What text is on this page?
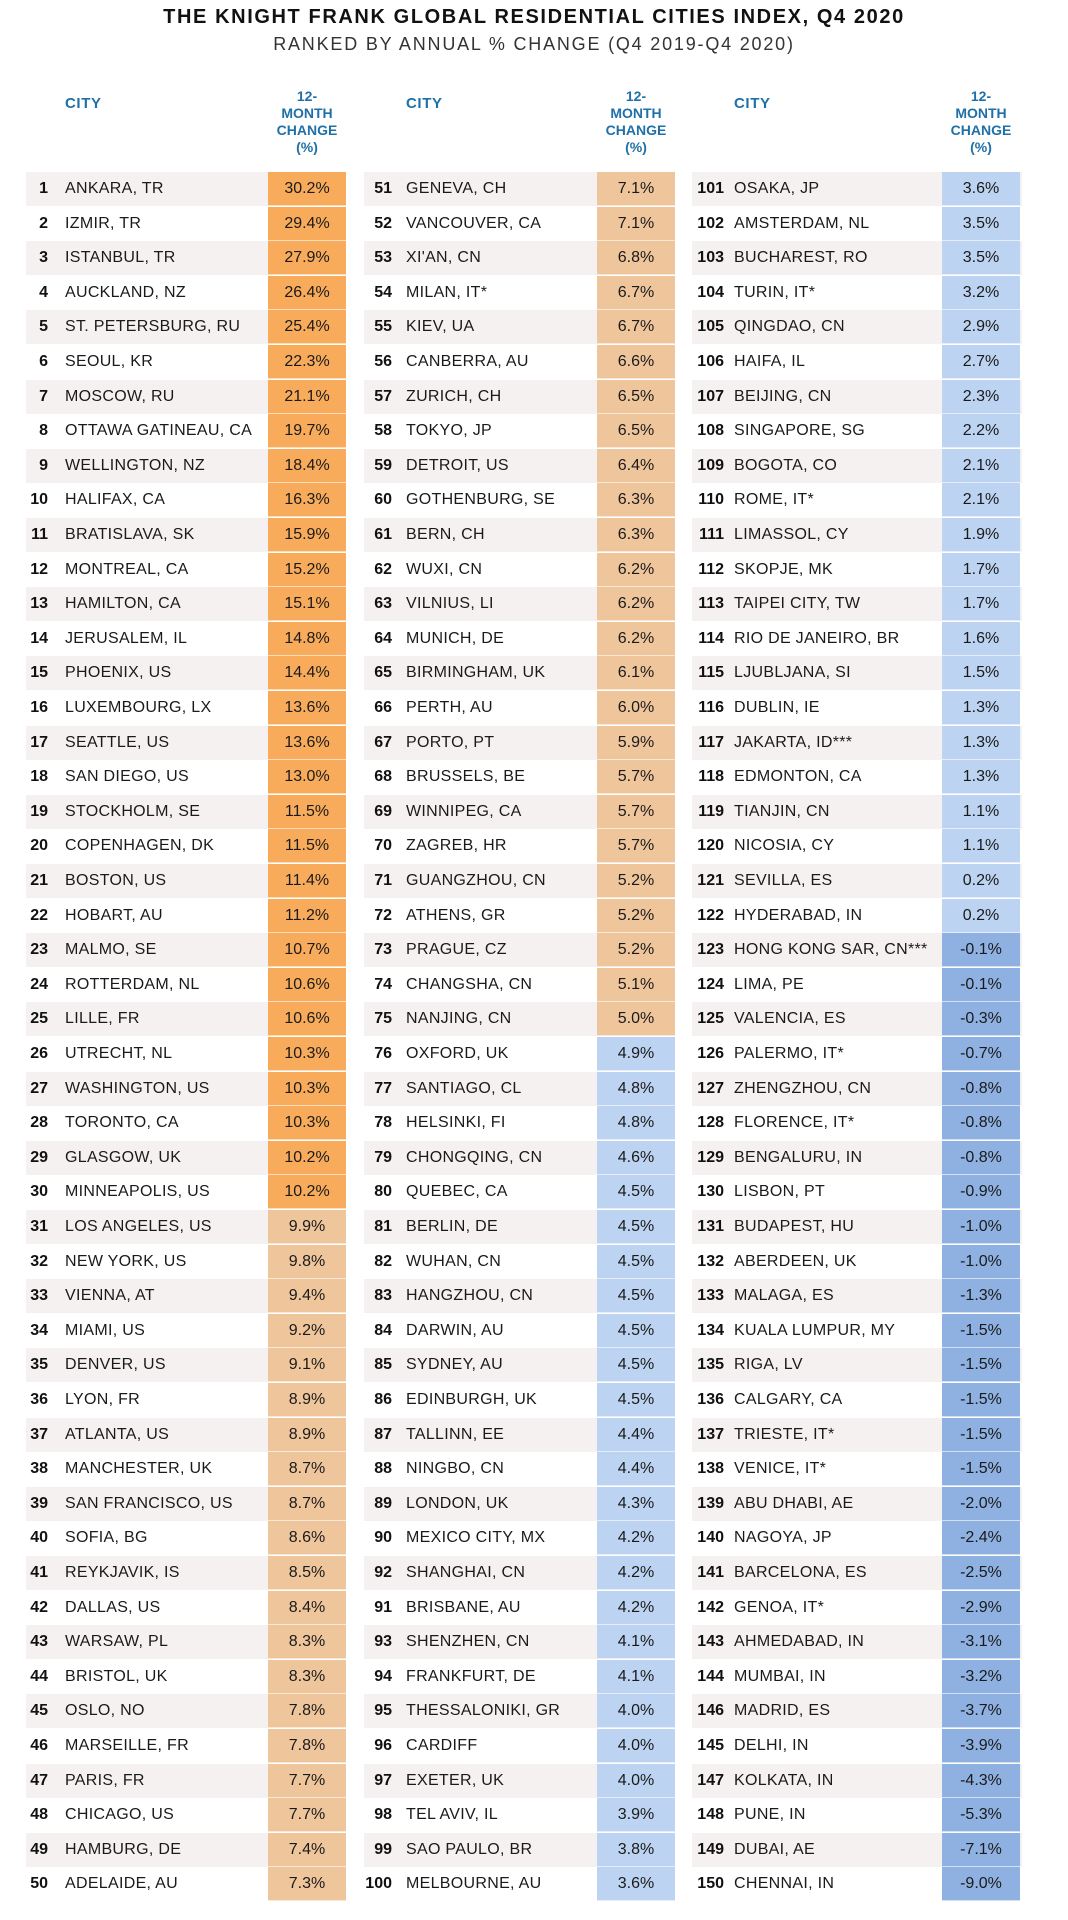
THE KNIGHT FRANK GLOBAL RESIDENTIAL CITIES INDEX, Q4 2020
RANKED BY ANNUAL % CHANGE (Q4 2019-Q4 2020)
CITY	12-
MONTH
CHANGE
(%)
CITY	12-
MONTH
CHANGE
(%)
CITY	12-
MONTH
CHANGE
(%)
1 ANKARA, TR	30.2%
2 IZMIR, TR	29.4%
3 ISTANBUL, TR	27.9%
4 AUCKLAND, NZ	26.4%
5 ST. PETERSBURG, RU	25.4%
6 SEOUL, KR	22.3%
7 MOSCOW, RU	21.1%
8 OTTAWA GATINEAU, CA	19.7%
9 WELLINGTON, NZ	18.4%
10 HALIFAX, CA	16.3%
11 BRATISLAVA, SK	15.9%
12 MONTREAL, CA	15.2%
13 HAMILTON, CA	15.1%
14 JERUSALEM, IL	14.8%
15 PHOENIX, US	14.4%
16 LUXEMBOURG, LX	13.6%
17 SEATTLE, US	13.6%
18 SAN DIEGO, US	13.0%
19 STOCKHOLM, SE	11.5%
20 COPENHAGEN, DK	11.5%
21 BOSTON, US	11.4%
22 HOBART, AU	11.2%
23 MALMO, SE	10.7%
24 ROTTERDAM, NL	10.6%
25 LILLE, FR	10.6%
26 UTRECHT, NL	10.3%
27 WASHINGTON, US	10.3%
28 TORONTO, CA	10.3%
29 GLASGOW, UK	10.2%
30 MINNEAPOLIS, US	10.2%
31 LOS ANGELES, US	9.9%
32 NEW YORK, US	9.8%
33 VIENNA, AT	9.4%
34 MIAMI, US	9.2%
35 DENVER, US	9.1%
36 LYON, FR	8.9%
37 ATLANTA, US	8.9%
38 MANCHESTER, UK	8.7%
39 SAN FRANCISCO, US	8.7%
40 SOFIA, BG	8.6%
41 REYKJAVIK, IS	8.5%
42 DALLAS, US	8.4%
43 WARSAW, PL	8.3%
44 BRISTOL, UK	8.3%
45 OSLO, NO	7.8%
46 MARSEILLE, FR	7.8%
47 PARIS, FR	7.7%
48 CHICAGO, US	7.7%
49 HAMBURG, DE	7.4%
50 ADELAIDE, AU	7.3%
51 GENEVA, CH	7.1%
52 VANCOUVER, CA	7.1%
53 XI'AN, CN	6.8%
54 MILAN, IT*	6.7%
55 KIEV, UA	6.7%
56 CANBERRA, AU	6.6%
57 ZURICH, CH	6.5%
58 TOKYO, JP	6.5%
59 DETROIT, US	6.4%
60 GOTHENBURG, SE	6.3%
61 BERN, CH	6.3%
62 WUXI, CN	6.2%
63 VILNIUS, LI	6.2%
64 MUNICH, DE	6.2%
65 BIRMINGHAM, UK	6.1%
66 PERTH, AU	6.0%
67 PORTO, PT	5.9%
68 BRUSSELS, BE	5.7%
69 WINNIPEG, CA	5.7%
70 ZAGREB, HR	5.7%
71 GUANGZHOU, CN	5.2%
72 ATHENS, GR	5.2%
73 PRAGUE, CZ	5.2%
74 CHANGSHA, CN	5.1%
75 NANJING, CN	5.0%
76 OXFORD, UK	4.9%
77 SANTIAGO, CL	4.8%
78 HELSINKI, FI	4.8%
79 CHONGQING, CN	4.6%
80 QUEBEC, CA	4.5%
81 BERLIN, DE	4.5%
82 WUHAN, CN	4.5%
83 HANGZHOU, CN	4.5%
84 DARWIN, AU	4.5%
85 SYDNEY, AU	4.5%
86 EDINBURGH, UK	4.5%
87 TALLINN, EE	4.4%
88 NINGBO, CN	4.4%
89 LONDON, UK	4.3%
90 MEXICO CITY, MX	4.2%
92 SHANGHAI, CN	4.2%
91 BRISBANE, AU	4.2%
93 SHENZHEN, CN	4.1%
94 FRANKFURT, DE	4.1%
95 THESSALONIKI, GR	4.0%
96 CARDIFF	4.0%
97 EXETER, UK	4.0%
98 TEL AVIV, IL	3.9%
99 SAO PAULO, BR	3.8%
100 MELBOURNE, AU	3.6%
101 OSAKA, JP	3.6%
102 AMSTERDAM, NL	3.5%
103 BUCHAREST, RO	3.5%
104 TURIN, IT*	3.2%
105 QINGDAO, CN	2.9%
106 HAIFA, IL	2.7%
107 BEIJING, CN	2.3%
108 SINGAPORE, SG	2.2%
109 BOGOTA, CO	2.1%
110 ROME, IT*	2.1%
111 LIMASSOL, CY	1.9%
112 SKOPJE, MK	1.7%
113 TAIPEI CITY, TW	1.7%
114 RIO DE JANEIRO, BR	1.6%
115 LJUBLJANA, SI	1.5%
116 DUBLIN, IE	1.3%
117 JAKARTA, ID***	1.3%
118 EDMONTON, CA	1.3%
119 TIANJIN, CN	1.1%
120 NICOSIA, CY	1.1%
121 SEVILLA, ES	0.2%
122 HYDERABAD, IN	0.2%
123 HONG KONG SAR, CN***	-0.1%
124 LIMA, PE	-0.1%
125 VALENCIA, ES	-0.3%
126 PALERMO, IT*	-0.7%
127 ZHENGZHOU, CN	-0.8%
128 FLORENCE, IT*	-0.8%
129 BENGALURU, IN	-0.8%
130 LISBON, PT	-0.9%
131 BUDAPEST, HU	-1.0%
132 ABERDEEN, UK	-1.0%
133 MALAGA, ES	-1.3%
134 KUALA LUMPUR, MY	-1.5%
135 RIGA, LV	-1.5%
136 CALGARY, CA	-1.5%
137 TRIESTE, IT*	-1.5%
138 VENICE, IT*	-1.5%
139 ABU DHABI, AE	-2.0%
140 NAGOYA, JP	-2.4%
141 BARCELONA, ES	-2.5%
142 GENOA, IT*	-2.9%
143 AHMEDABAD, IN	-3.1%
144 MUMBAI, IN	-3.2%
146 MADRID, ES	-3.7%
145 DELHI, IN	-3.9%
147 KOLKATA, IN	-4.3%
148 PUNE, IN	-5.3%
149 DUBAI, AE	-7.1%
150 CHENNAI, IN	-9.0%
